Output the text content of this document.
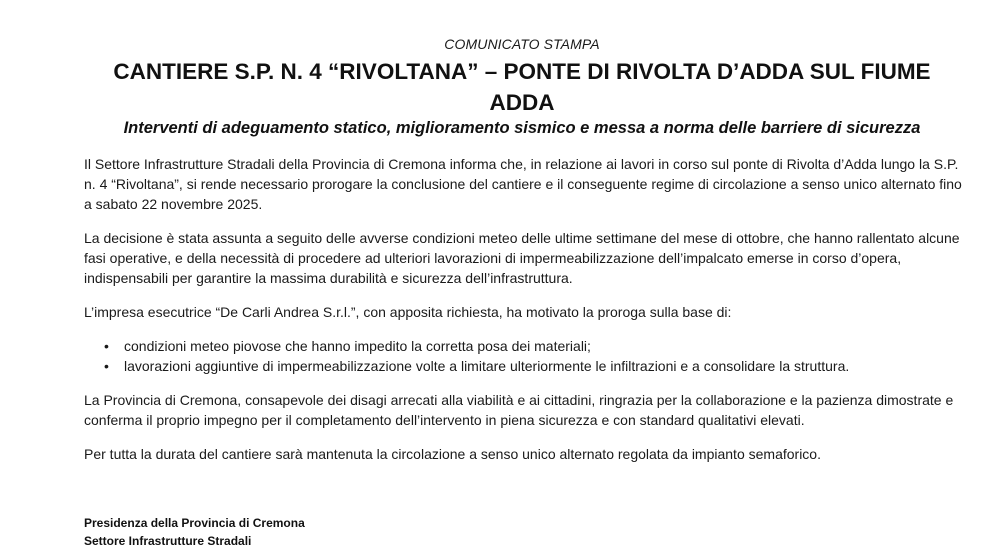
COMUNICATO STAMPA
CANTIERE S.P. N. 4 “RIVOLTANA” – PONTE DI RIVOLTA D’ADDA SUL FIUME ADDA
Interventi di adeguamento statico, miglioramento sismico e messa a norma delle barriere di sicurezza

Il Settore Infrastrutture Stradali della Provincia di Cremona informa che, in relazione ai lavori in corso sul ponte di Rivolta d’Adda lungo la S.P. n. 4 “Rivoltana”, si rende necessario prorogare la conclusione del cantiere e il conseguente regime di circolazione a senso unico alternato fino a sabato 22 novembre 2025.

La decisione è stata assunta a seguito delle avverse condizioni meteo delle ultime settimane del mese di ottobre, che hanno rallentato alcune fasi operative, e della necessità di procedere ad ulteriori lavorazioni di impermeabilizzazione dell’impalcato emerse in corso d’opera, indispensabili per garantire la massima durabilità e sicurezza dell’infrastruttura.

L’impresa esecutrice “De Carli Andrea S.r.l.”, con apposita richiesta, ha motivato la proroga sulla base di:

• condizioni meteo piovose che hanno impedito la corretta posa dei materiali;
• lavorazioni aggiuntive di impermeabilizzazione volte a limitare ulteriormente le infiltrazioni e a consolidare la struttura.

La Provincia di Cremona, consapevole dei disagi arrecati alla viabilità e ai cittadini, ringrazia per la collaborazione e la pazienza dimostrate e conferma il proprio impegno per il completamento dell’intervento in piena sicurezza e con standard qualitativi elevati.

Per tutta la durata del cantiere sarà mantenuta la circolazione a senso unico alternato regolata da impianto semaforico.

Presidenza della Provincia di Cremona
Settore Infrastrutture Stradali
